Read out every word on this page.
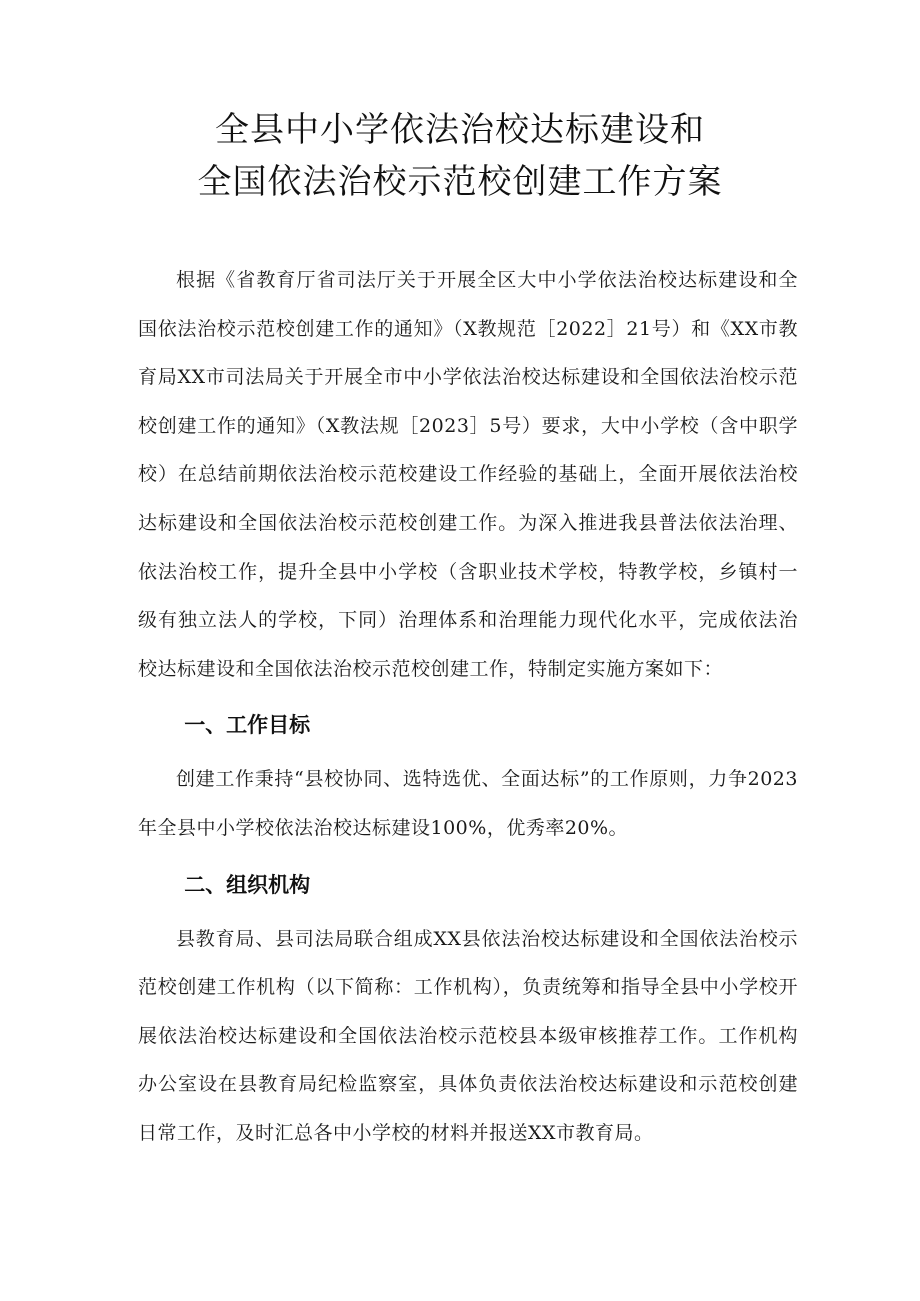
全县中小学依法治校达标建设和
全国依法治校示范校创建工作方案

根据《省教育厅省司法厅关于开展全区大中小学依法治校达标建设和全国依法治校示范校创建工作的通知》（X教规范［2022］21号）和《XX市教育局XX市司法局关于开展全市中小学依法治校达标建设和全国依法治校示范校创建工作的通知》（X教法规［2023］5号）要求，大中小学校（含中职学校）在总结前期依法治校示范校建设工作经验的基础上，全面开展依法治校达标建设和全国依法治校示范校创建工作。为深入推进我县普法依法治理、依法治校工作，提升全县中小学校（含职业技术学校，特教学校，乡镇村一级有独立法人的学校，下同）治理体系和治理能力现代化水平，完成依法治校达标建设和全国依法治校示范校创建工作，特制定实施方案如下：

一、工作目标

创建工作秉持“县校协同、选特选优、全面达标”的工作原则，力争2023年全县中小学校依法治校达标建设100%，优秀率20%。

二、组织机构

县教育局、县司法局联合组成XX县依法治校达标建设和全国依法治校示范校创建工作机构（以下简称：工作机构），负责统筹和指导全县中小学校开展依法治校达标建设和全国依法治校示范校县本级审核推荐工作。工作机构办公室设在县教育局纪检监察室，具体负责依法治校达标建设和示范校创建日常工作，及时汇总各中小学校的材料并报送XX市教育局。
